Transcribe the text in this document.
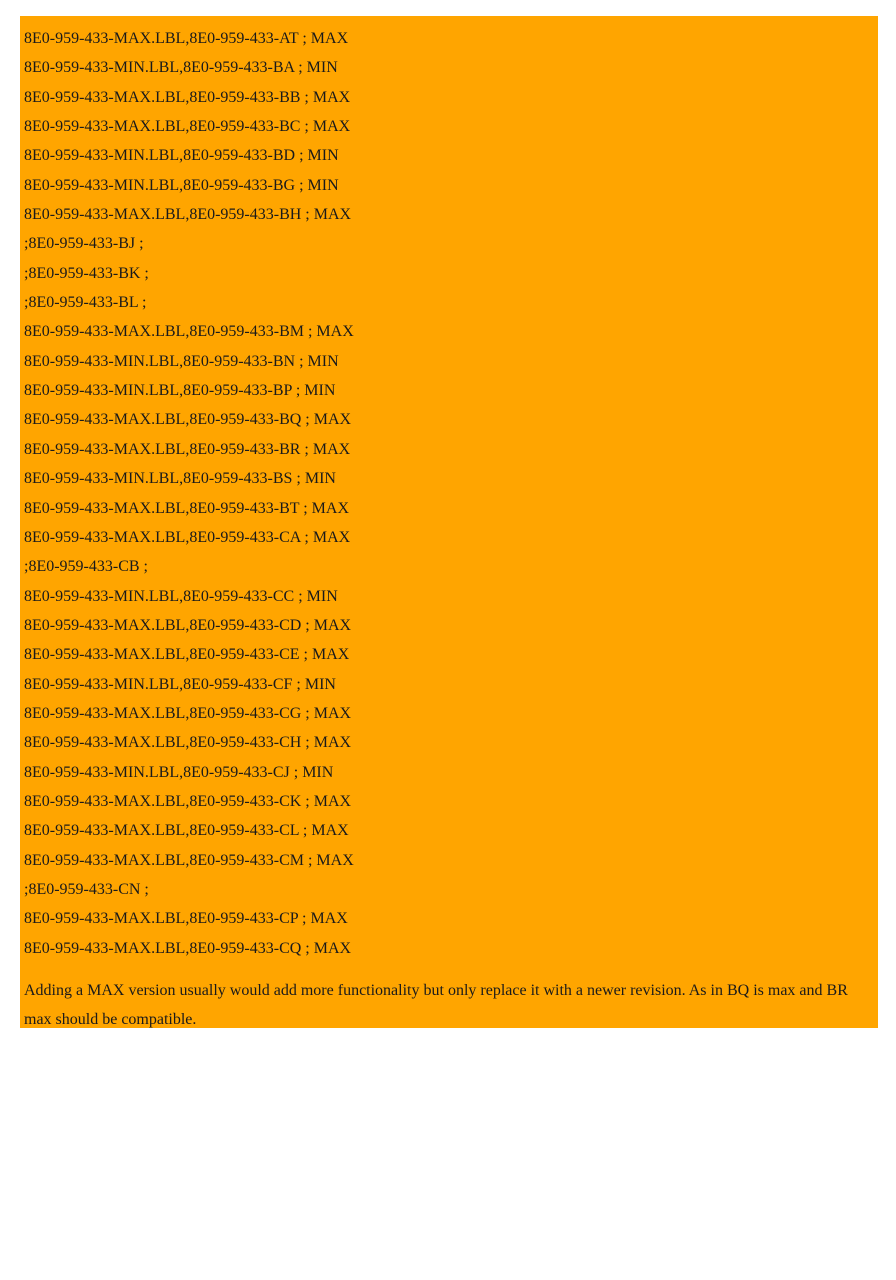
8E0-959-433-MAX.LBL,8E0-959-433-AT ; MAX
8E0-959-433-MIN.LBL,8E0-959-433-BA ; MIN
8E0-959-433-MAX.LBL,8E0-959-433-BB ; MAX
8E0-959-433-MAX.LBL,8E0-959-433-BC ; MAX
8E0-959-433-MIN.LBL,8E0-959-433-BD ; MIN
8E0-959-433-MIN.LBL,8E0-959-433-BG ; MIN
8E0-959-433-MAX.LBL,8E0-959-433-BH ; MAX
;8E0-959-433-BJ ;
;8E0-959-433-BK ;
;8E0-959-433-BL ;
8E0-959-433-MAX.LBL,8E0-959-433-BM ; MAX
8E0-959-433-MIN.LBL,8E0-959-433-BN ; MIN
8E0-959-433-MIN.LBL,8E0-959-433-BP ; MIN
8E0-959-433-MAX.LBL,8E0-959-433-BQ ; MAX
8E0-959-433-MAX.LBL,8E0-959-433-BR ; MAX
8E0-959-433-MIN.LBL,8E0-959-433-BS ; MIN
8E0-959-433-MAX.LBL,8E0-959-433-BT ; MAX
8E0-959-433-MAX.LBL,8E0-959-433-CA ; MAX
;8E0-959-433-CB ;
8E0-959-433-MIN.LBL,8E0-959-433-CC ; MIN
8E0-959-433-MAX.LBL,8E0-959-433-CD ; MAX
8E0-959-433-MAX.LBL,8E0-959-433-CE ; MAX
8E0-959-433-MIN.LBL,8E0-959-433-CF ; MIN
8E0-959-433-MAX.LBL,8E0-959-433-CG ; MAX
8E0-959-433-MAX.LBL,8E0-959-433-CH ; MAX
8E0-959-433-MIN.LBL,8E0-959-433-CJ ; MIN
8E0-959-433-MAX.LBL,8E0-959-433-CK ; MAX
8E0-959-433-MAX.LBL,8E0-959-433-CL ; MAX
8E0-959-433-MAX.LBL,8E0-959-433-CM ; MAX
;8E0-959-433-CN ;
8E0-959-433-MAX.LBL,8E0-959-433-CP ; MAX
8E0-959-433-MAX.LBL,8E0-959-433-CQ ; MAX

Adding a MAX version usually would add more functionality but only replace it with a newer revision. As in BQ is max and BR max should be compatible.
